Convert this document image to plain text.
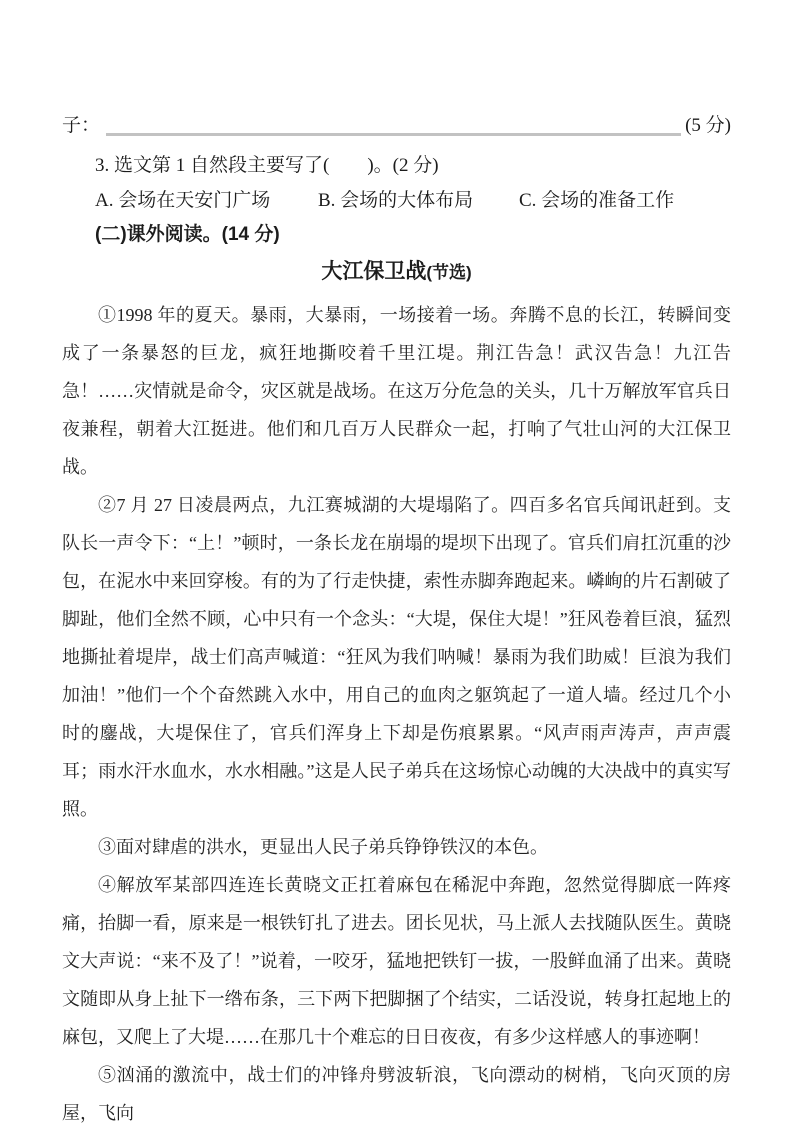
子：	(5 分)
3. 选文第 1 自然段主要写了(　　)。(2 分)
A. 会场在天安门广场	B. 会场的大体布局	C. 会场的准备工作
(二)课外阅读。(14 分)
大江保卫战(节选)

①1998 年的夏天。暴雨，大暴雨，一场接着一场。奔腾不息的长江，转瞬间变成了一条暴怒的巨龙，疯狂地撕咬着千里江堤。荆江告急！武汉告急！九江告急！……灾情就是命令，灾区就是战场。在这万分危急的关头，几十万解放军官兵日夜兼程，朝着大江挺进。他们和几百万人民群众一起，打响了气壮山河的大江保卫战。

②7 月 27 日凌晨两点，九江赛城湖的大堤塌陷了。四百多名官兵闻讯赶到。支队长一声令下：“上！”顿时，一条长龙在崩塌的堤坝下出现了。官兵们肩扛沉重的沙包，在泥水中来回穿梭。有的为了行走快捷，索性赤脚奔跑起来。嶙峋的片石割破了脚趾，他们全然不顾，心中只有一个念头：“大堤，保住大堤！”狂风卷着巨浪，猛烈地撕扯着堤岸，战士们高声喊道：“狂风为我们呐喊！暴雨为我们助威！巨浪为我们加油！”他们一个个奋然跳入水中，用自己的血肉之躯筑起了一道人墙。经过几个小时的鏖战，大堤保住了，官兵们浑身上下却是伤痕累累。“风声雨声涛声，声声震耳；雨水汗水血水，水水相融。”这是人民子弟兵在这场惊心动魄的大决战中的真实写照。

③面对肆虐的洪水，更显出人民子弟兵铮铮铁汉的本色。

④解放军某部四连连长黄晓文正扛着麻包在稀泥中奔跑，忽然觉得脚底一阵疼痛，抬脚一看，原来是一根铁钉扎了进去。团长见状，马上派人去找随队医生。黄晓文大声说：“来不及了！”说着，一咬牙，猛地把铁钉一拔，一股鲜血涌了出来。黄晓文随即从身上扯下一绺布条，三下两下把脚捆了个结实，二话没说，转身扛起地上的麻包，又爬上了大堤……在那几十个难忘的日日夜夜，有多少这样感人的事迹啊！

⑤汹涌的激流中，战士们的冲锋舟劈波斩浪，飞向漂动的树梢，飞向灭顶的房屋，飞向
